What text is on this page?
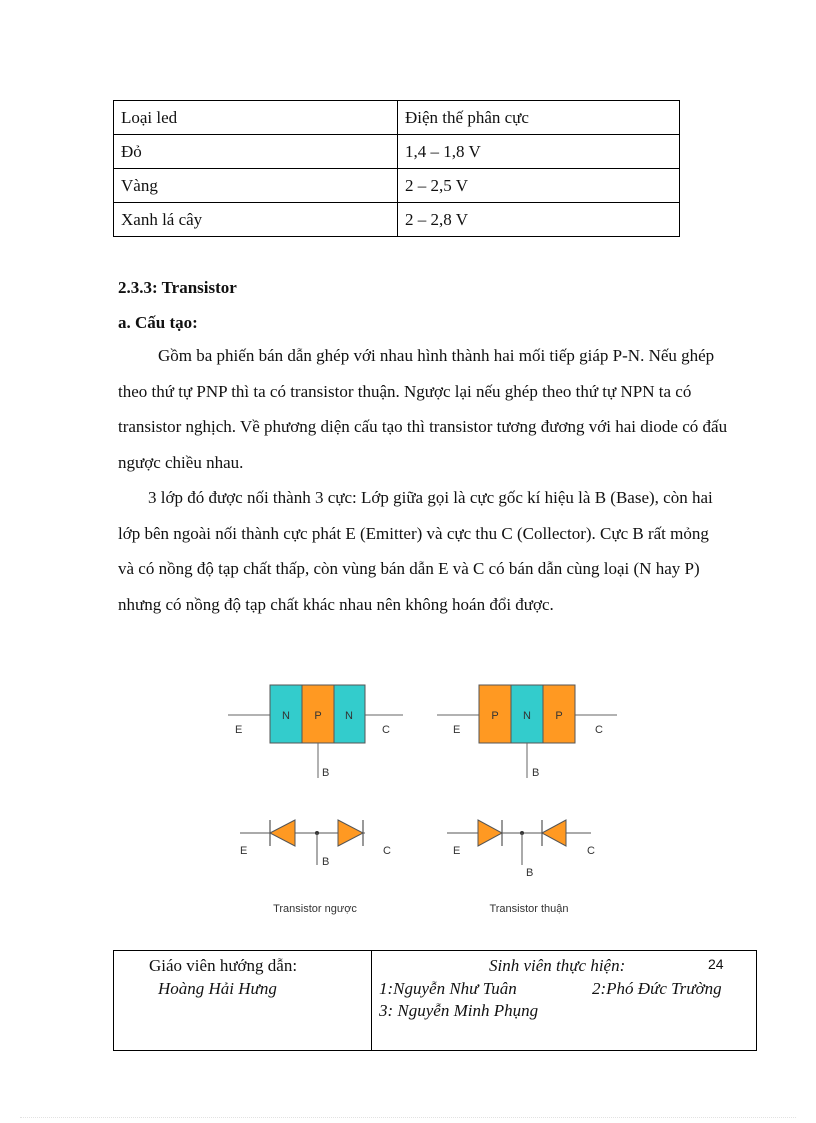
Loại led	Điện thế phân cực
Đỏ	1,4 – 1,8 V
Vàng	2 – 2,5 V
Xanh lá cây	2 – 2,8 V
2.3.3: Transistor
a. Cấu tạo:

Gồm ba phiến bán dẫn ghép với nhau hình thành hai mối tiếp giáp P-N. Nếu ghép theo thứ tự PNP thì ta có transistor thuận. Ngược lại nếu ghép theo thứ tự NPN ta có transistor nghịch. Về phương diện cấu tạo thì transistor tương đương với hai diode có đấu ngược chiều nhau.

3 lớp đó được nối thành 3 cực: Lớp giữa gọi là cực gốc kí hiệu là B (Base), còn hai lớp bên ngoài nối thành cực phát E (Emitter) và cực thu C (Collector). Cực B rất mỏng và có nồng độ tạp chất thấp, còn vùng bán dẫn E và C có bán dẫn cùng loại (N hay P) nhưng có nồng độ tạp chất khác nhau nên không hoán đổi được.

N P N
E	C
B
P N P
E	C
B
E
B
C	E
B
C
Transistor ngược	Transistor thuận
Giáo viên hướng dẫn:
Hoàng Hải Hưng
Sinh viên thực hiện:	24
1:Nguyễn Như Tuân	2:Phó Đức Trường
3: Nguyễn Minh Phụng
